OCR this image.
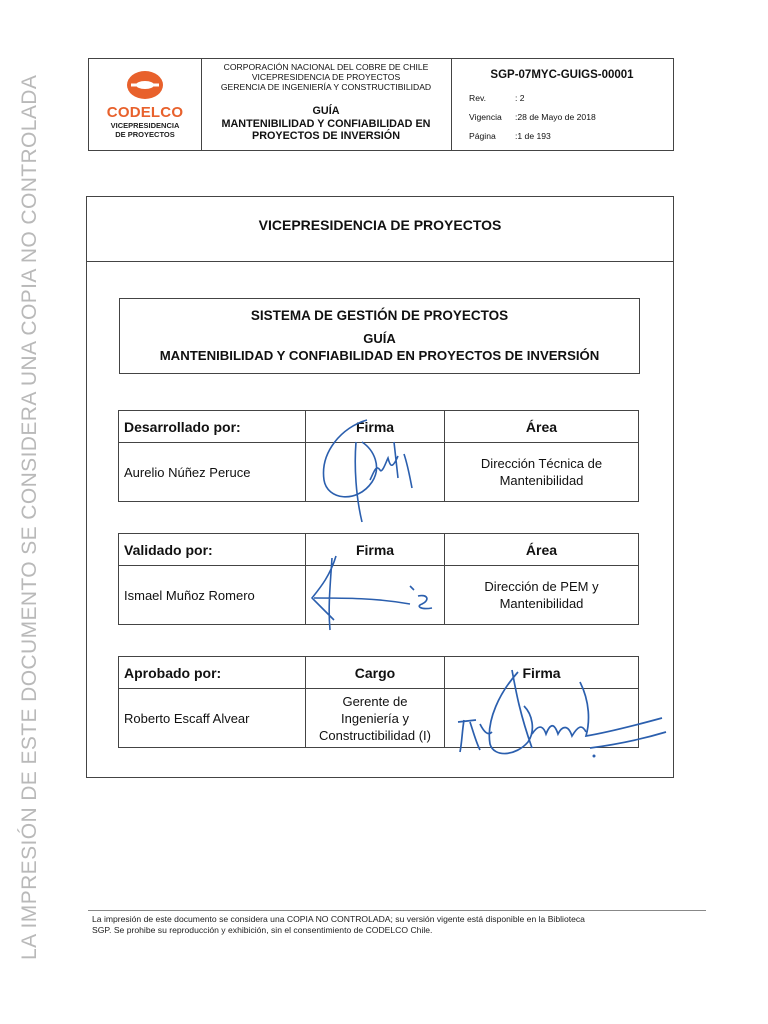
LA IMPRESIÓN DE ESTE DOCUMENTO SE CONSIDERA UNA COPIA NO CONTROLADA	CODELCO
VICEPRESIDENCIA
DE PROYECTOS
CORPORACIÓN NACIONAL DEL COBRE DE CHILE
VICEPRESIDENCIA DE PROYECTOS
GERENCIA DE INGENIERÍA Y CONSTRUCTIBILIDAD
GUÍA
MANTENIBILIDAD Y CONFIABILIDAD EN
PROYECTOS DE INVERSIÓN
SGP-07MYC-GUIGS-00001
Rev.	: 2
Vigencia :28 de Mayo de 2018
Página :1 de 193
VICEPRESIDENCIA DE PROYECTOS
SISTEMA DE GESTIÓN DE PROYECTOS
GUÍA
MANTENIBILIDAD Y CONFIABILIDAD EN PROYECTOS DE INVERSIÓN
Desarrollado por:	Firma	Área
Aurelio Núñez Peruce		Dirección Técnica de
Mantenibilidad
Validado por:	Firma	Área
Ismael Muñoz Romero		Dirección de PEM y
Mantenibilidad
Aprobado por:	Cargo	Firma
Roberto Escaff Alvear	Gerente de
Ingeniería y
Constructibilidad (I)	

La impresión de este documento se considera una COPIA NO CONTROLADA; su versión vigente está disponible en la Biblioteca
SGP. Se prohibe su reproducción y exhibición, sin el consentimiento de CODELCO Chile.
